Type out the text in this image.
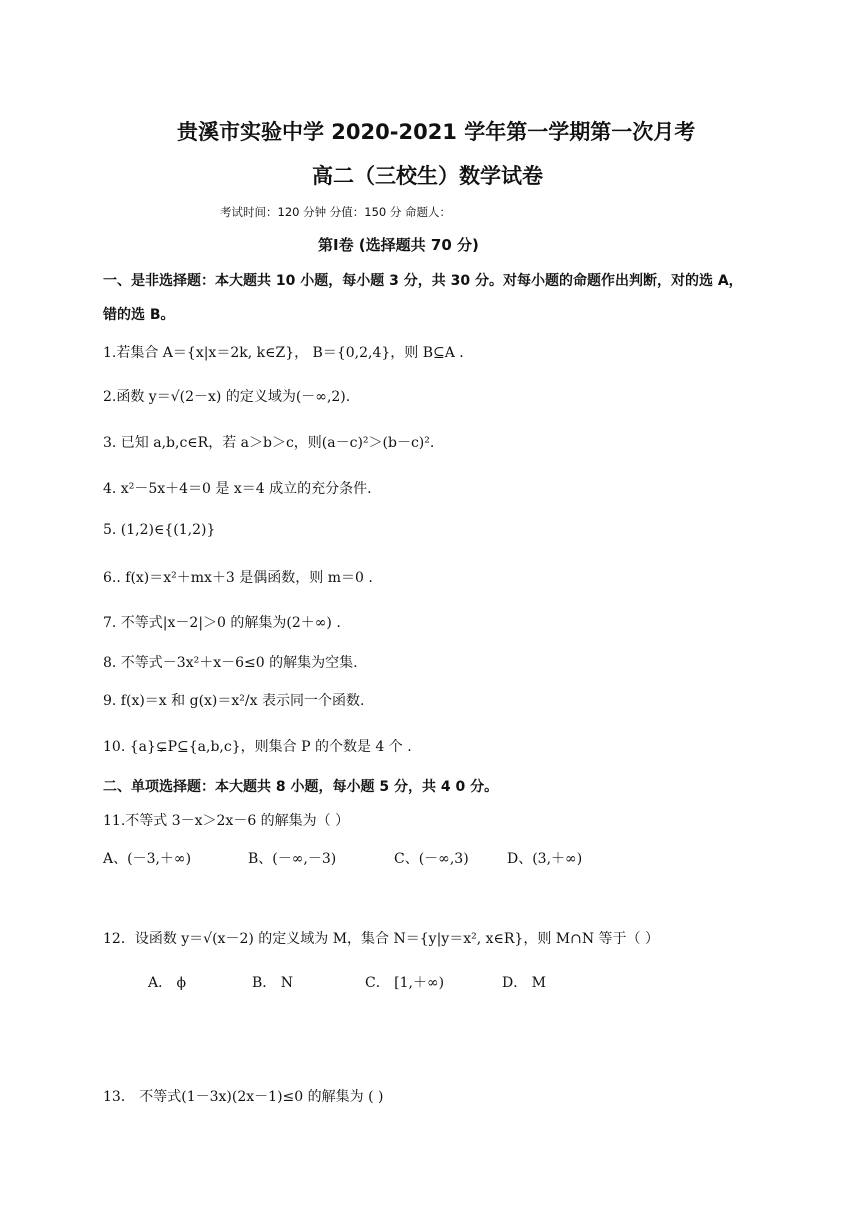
贵溪市实验中学 2020-2021 学年第一学期第一次月考
高二（三校生）数学试卷
考试时间：120 分钟 分值：150 分 命题人：
第Ⅰ卷 (选择题共 70 分)
一、是非选择题：本大题共 10 小题，每小题 3 分，共 30 分。对每小题的命题作出判断，对的选 A，
错的选 B。
1.若集合 A＝{x|x＝2k, k∈Z}， B＝{0,2,4}，则 B⊆A .
2.函数 y＝√(2－x) 的定义域为(－∞,2).
3. 已知 a,b,c∈R，若 a＞b＞c，则(a－c)²＞(b－c)².
4. x²－5x＋4＝0 是 x＝4 成立的充分条件.
5. (1,2)∈{(1,2)}
6.. f(x)＝x²＋mx＋3 是偶函数，则 m＝0 .
7. 不等式|x－2|＞0 的解集为(2＋∞) .
8. 不等式－3x²＋x－6≤0 的解集为空集.
9. f(x)＝x 和 g(x)＝x²/x 表示同一个函数.
10. {a}⊊P⊆{a,b,c}，则集合 P 的个数是 4 个 .
二、单项选择题：本大题共 8 小题，每小题 5 分，共 4 0 分。
11.不等式 3－x＞2x－6 的解集为（ ）
A、(－3,＋∞)	B、(－∞,－3)	C、(－∞,3)	D、(3,＋∞)
12．设函数 y＝√(x－2) 的定义域为 M，集合 N＝{y|y＝x², x∈R}，则 M∩N 等于（ ）
A． ϕ	B． N	C． [1,＋∞)	D． M
13． 不等式(1－3x)(2x－1)≤0 的解集为 ( )
